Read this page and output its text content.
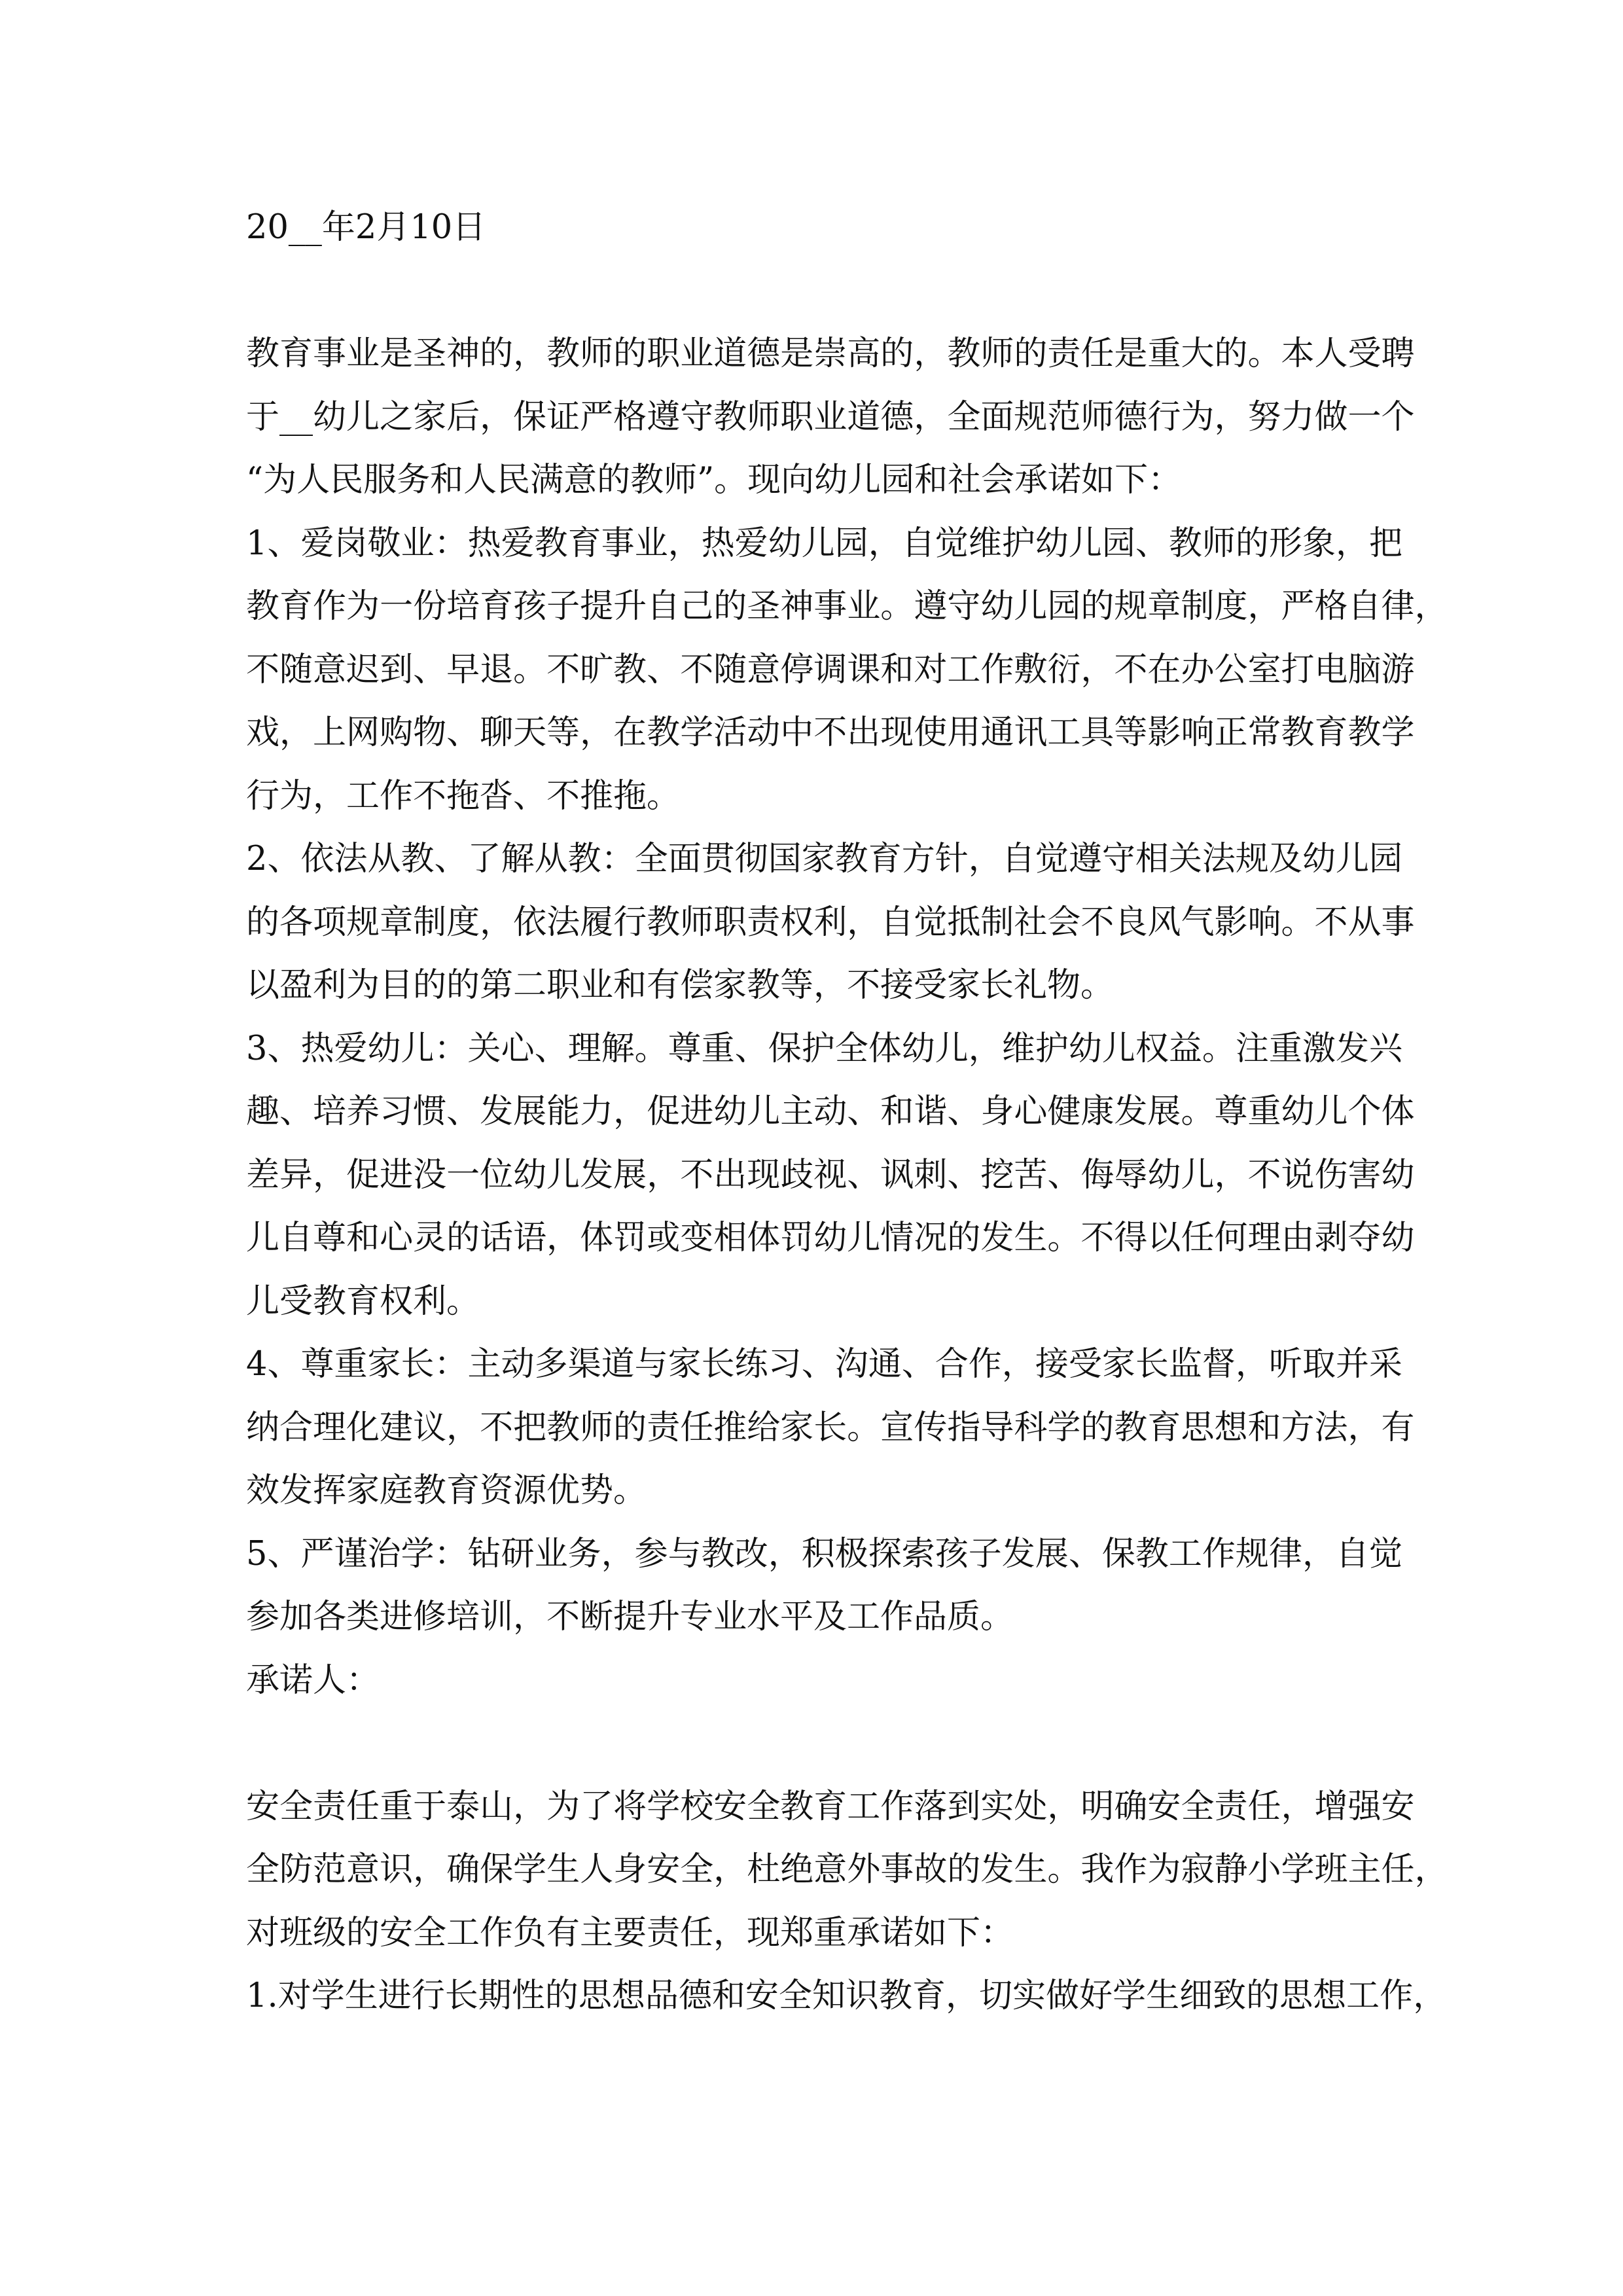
20__年2月10日
教 育 事 业 是 圣 神 的 ， 教 师 的 职 业 道 德 是 崇 高 的 ， 教 师 的 责 任 是 重 大 的 。 本 人 受 聘
于 _ _ 幼 儿 之 家 后 ， 保 证 严 格 遵 守 教 师 职 业 道 德 ， 全 面 规 范 师 德 行 为 ， 努 力 做 一 个
“为人民服务和人民满意的教师”。现向幼儿园和社会承诺如下：
1 、 爱 岗 敬 业 ： 热 爱 教 育 事 业 ， 热 爱 幼 儿 园 ， 自 觉 维 护 幼 儿 园 、 教 师 的 形 象 ， 把
教 育 作 为 一 份 培 育 孩 子 提 升 自 己 的 圣 神 事 业 。 遵 守 幼 儿 园 的 规 章 制 度 ， 严 格 自 律 ，
不 随 意 迟 到 、 早 退 。 不 旷 教 、 不 随 意 停 调 课 和 对 工 作 敷 衍 ， 不 在 办 公 室 打 电 脑 游
戏 ， 上 网 购 物 、 聊 天 等 ， 在 教 学 活 动 中 不 出 现 使 用 通 讯 工 具 等 影 响 正 常 教 育 教 学
行为，工作不拖沓、不推拖。
2 、 依 法 从 教 、 了 解 从 教 ： 全 面 贯 彻 国 家 教 育 方 针 ， 自 觉 遵 守 相 关 法 规 及 幼 儿 园
的 各 项 规 章 制 度 ， 依 法 履 行 教 师 职 责 权 利 ， 自 觉 抵 制 社 会 不 良 风 气 影 响 。 不 从 事
以盈利为目的的第二职业和有偿家教等，不接受家长礼物。
3 、 热 爱 幼 儿 ： 关 心 、 理 解 。 尊 重 、 保 护 全 体 幼 儿 ， 维 护 幼 儿 权 益 。 注 重 激 发 兴
趣 、 培 养 习 惯 、 发 展 能 力 ， 促 进 幼 儿 主 动 、 和 谐 、 身 心 健 康 发 展 。 尊 重 幼 儿 个 体
差 异 ， 促 进 没 一 位 幼 儿 发 展 ， 不 出 现 歧 视 、 讽 刺 、 挖 苦 、 侮 辱 幼 儿 ， 不 说 伤 害 幼
儿 自 尊 和 心 灵 的 话 语 ， 体 罚 或 变 相 体 罚 幼 儿 情 况 的 发 生 。 不 得 以 任 何 理 由 剥 夺 幼
儿受教育权利。
4 、 尊 重 家 长 ： 主 动 多 渠 道 与 家 长 练 习 、 沟 通 、 合 作 ， 接 受 家 长 监 督 ， 听 取 并 采
纳 合 理 化 建 议 ， 不 把 教 师 的 责 任 推 给 家 长 。 宣 传 指 导 科 学 的 教 育 思 想 和 方 法 ， 有
效发挥家庭教育资源优势。
5 、 严 谨 治 学 ： 钻 研 业 务 ， 参 与 教 改 ， 积 极 探 索 孩 子 发 展 、 保 教 工 作 规 律 ， 自 觉
参加各类进修培训，不断提升专业水平及工作品质。
承诺人：
安 全 责 任 重 于 泰 山 ， 为 了 将 学 校 安 全 教 育 工 作 落 到 实 处 ， 明 确 安 全 责 任 ， 增 强 安
全 防 范 意 识 ， 确 保 学 生 人 身 安 全 ， 杜 绝 意 外 事 故 的 发 生 。 我 作 为 寂 静 小 学 班 主 任 ，
对班级的安全工作负有主要责任，现郑重承诺如下：
1 . 对 学 生 进 行 长 期 性 的 思 想 品 德 和 安 全 知 识 教 育 ， 切 实 做 好 学 生 细 致 的 思 想 工 作 ，
